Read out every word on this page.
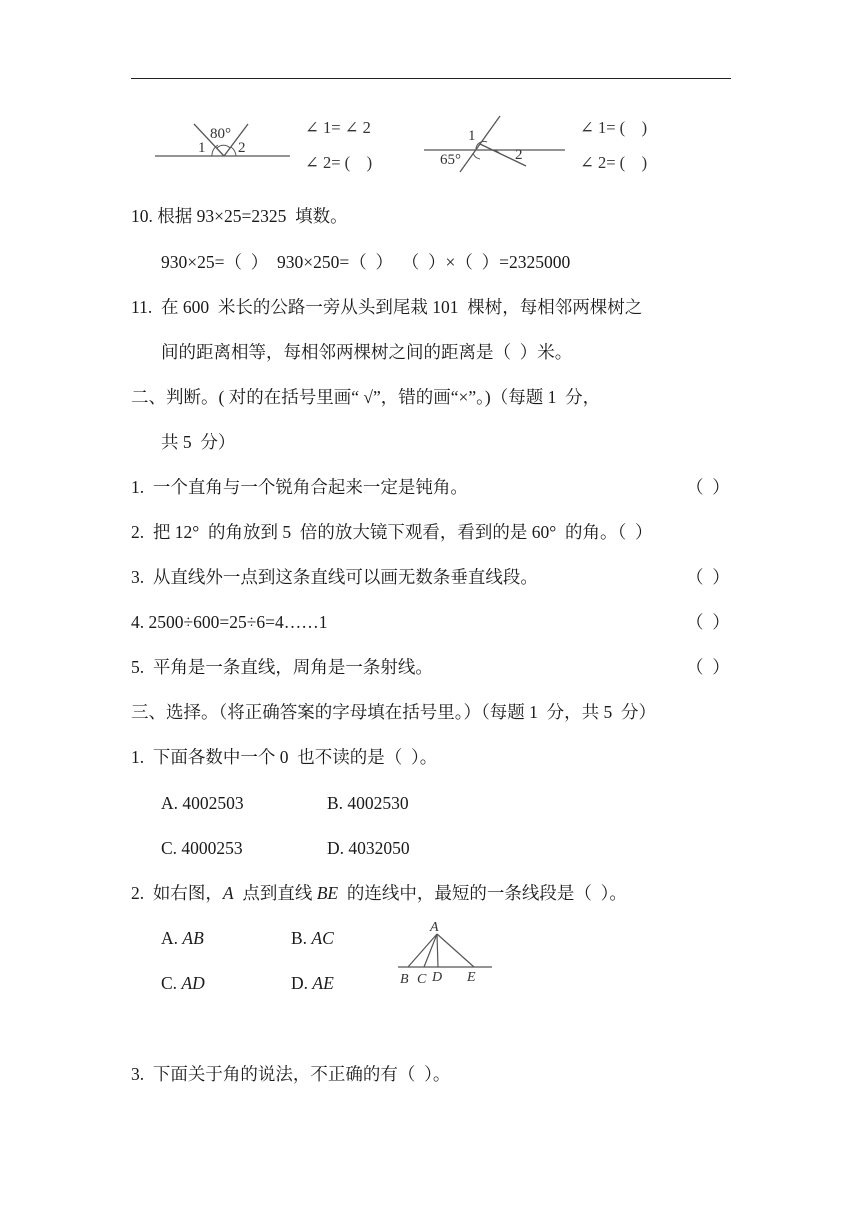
80°
1 2
∠ 1= ∠ 2
∠ 2= (    )	65°
1
2
∠ 1= (    )
∠ 2= (    )
10. 根据 93×25=2325  填数。
930×25=（  ）  930×250=（  ）  （  ）×（  ）=2325000
11.  在 600  米长的公路一旁从头到尾栽 101  棵树，每相邻两棵树之
间的距离相等，每相邻两棵树之间的距离是（  ）米。
二、判断。( 对的在括号里画“ √”，错的画“×”。)（每题 1  分，
共 5  分）
1.  一个直角与一个锐角合起来一定是钝角。	（  ）
2.  把 12°  的角放到 5  倍的放大镜下观看，看到的是 60°  的角。（  ）
3.  从直线外一点到这条直线可以画无数条垂直线段。	（  ）
4. 2500÷600=25÷6=4……1	（  ）
5.  平角是一条直线，周角是一条射线。	（  ）
三、选择。（将正确答案的字母填在括号里。）（每题 1  分，共 5  分）
1.  下面各数中一个 0  也不读的是（  ）。
A. 4002503	B. 4002530
C. 4000253	D. 4032050
2.  如右图，A  点到直线 BE  的连线中，最短的一条线段是（  ）。
A. AB	B. AC
C. AD	D. AE
A
B C D E
3.  下面关于角的说法，不正确的有（  ）。
